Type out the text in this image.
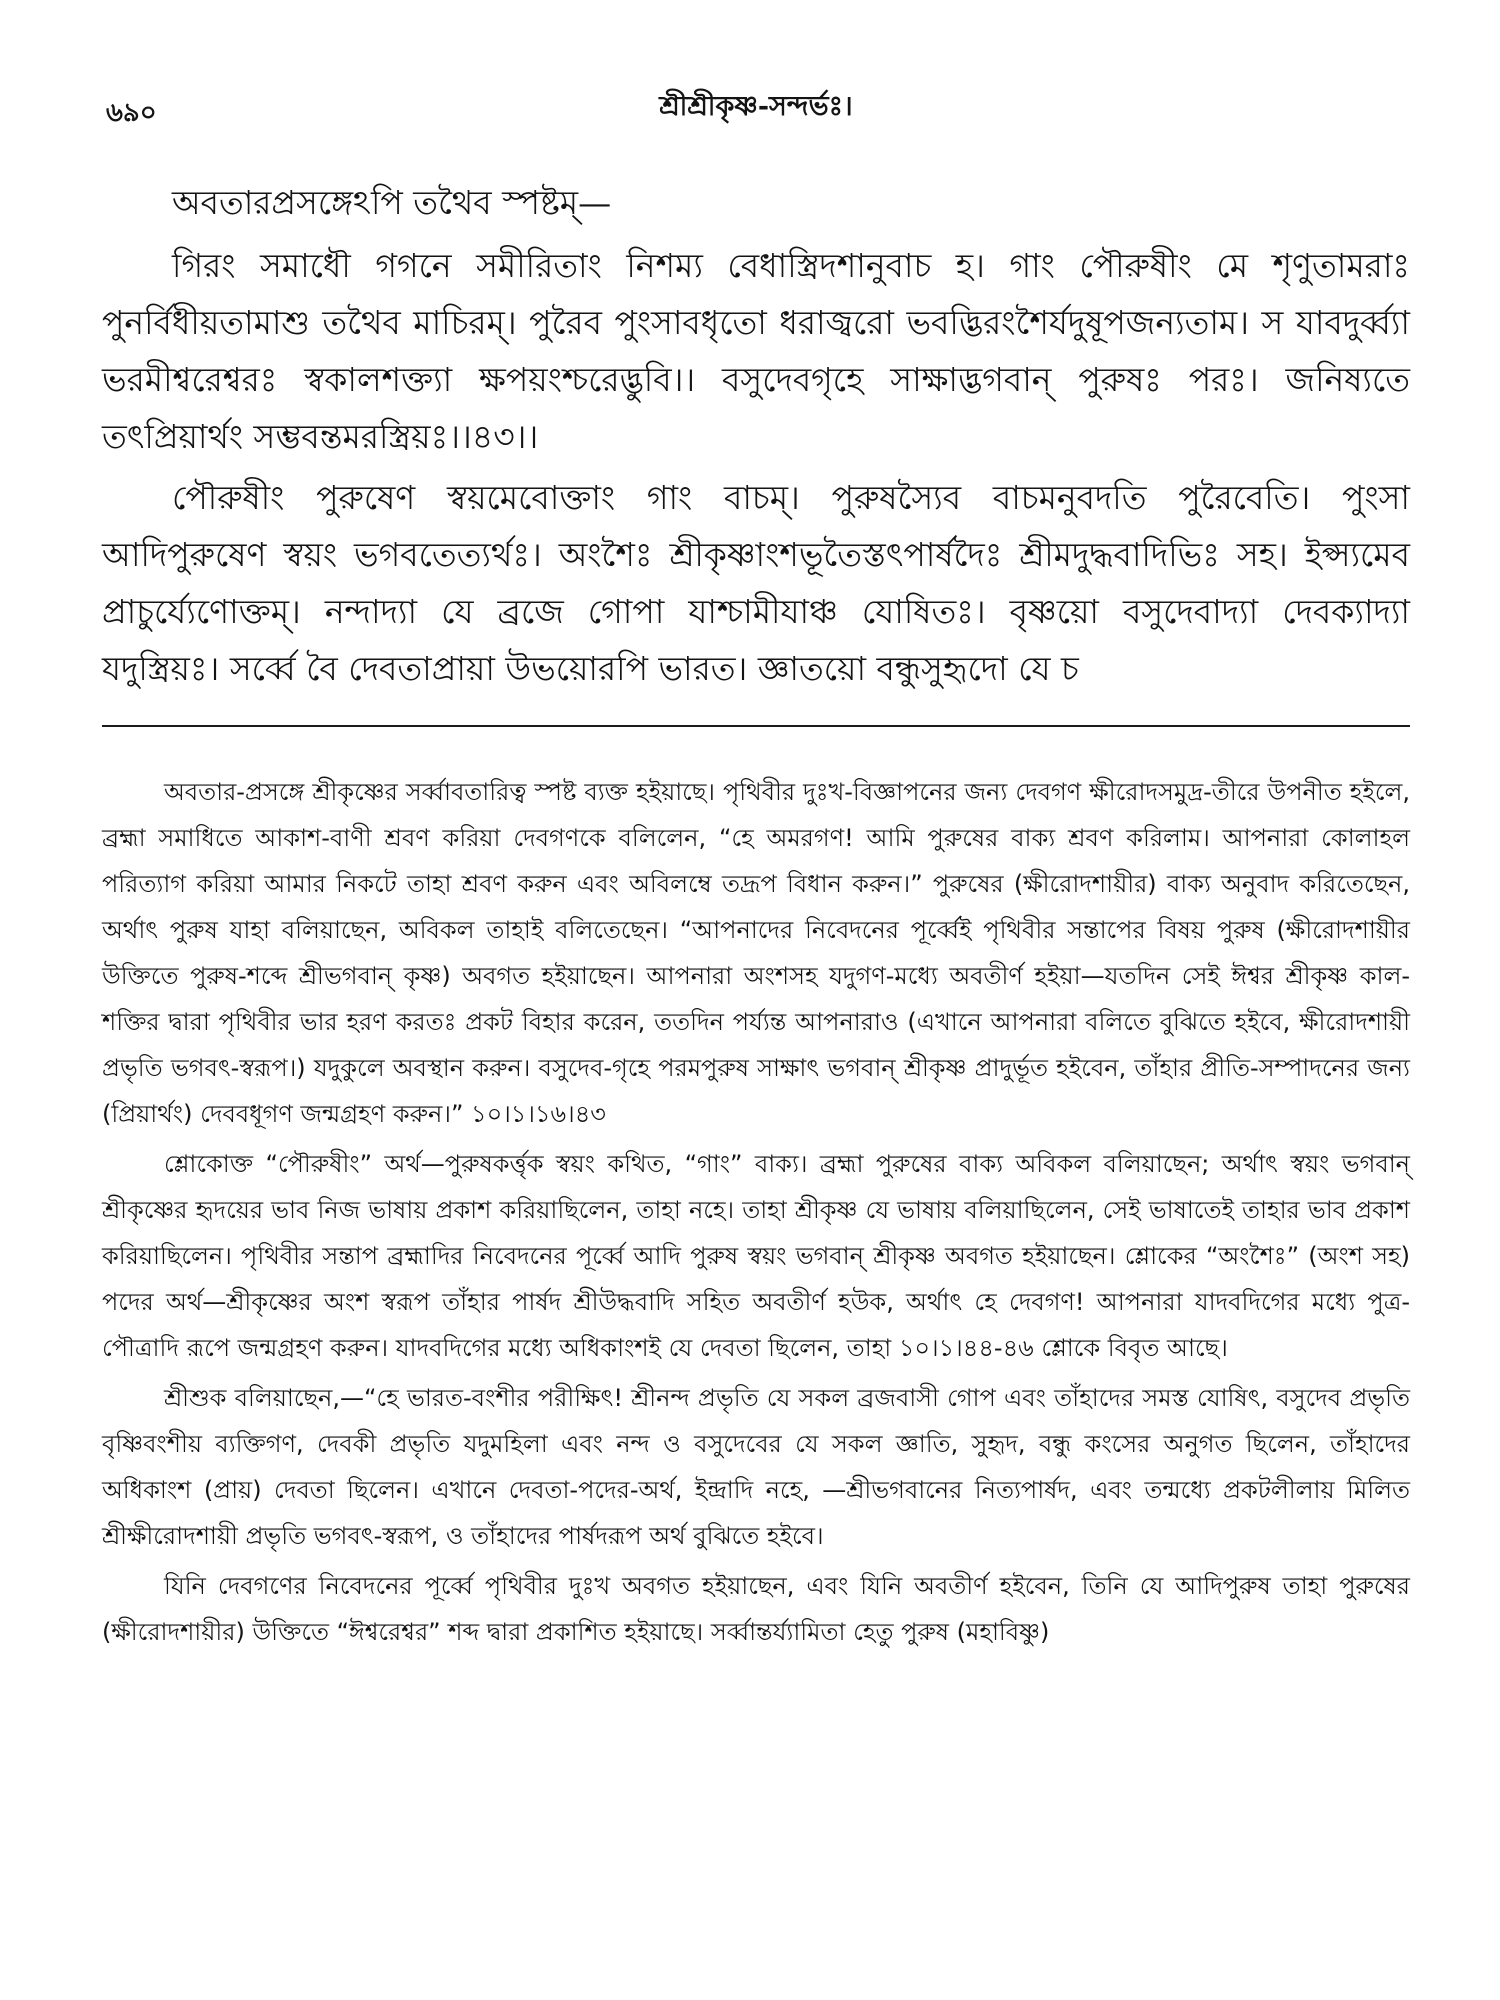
৬৯০	শ্রীশ্রীকৃষ্ণ-সন্দর্ভঃ।

অবতারপ্রসঙ্গেঽপি তথৈব স্পষ্টম্—

গিরং সমাধৌ গগনে সমীরিতাং নিশম্য বেধাস্ত্রিদশানুবাচ হ। গাং পৌরুষীং মে শৃণুতামরাঃ পুনর্বিধীয়তামাশু তথৈব মাচিরম্। পুরৈব পুংসাবধৃতো ধরাজ্বরো ভবদ্ভিরংশৈর্যদুষূপজন্যতাম। স যাবদুর্ব্ব্যা ভরমীশ্বরেশ্বরঃ স্বকালশক্ত্যা ক্ষপয়ংশ্চরেদ্ভুবি।। বসুদেবগৃহে সাক্ষাদ্ভগবান্ পুরুষঃ পরঃ। জনিষ্যতে তৎপ্রিয়ার্থং সম্ভবন্তমরস্ত্রিয়ঃ।।৪৩।।

পৌরুষীং পুরুষেণ স্বয়মেবোক্তাং গাং বাচম্। পুরুষস্যৈব বাচমনুবদতি পুরৈবেতি। পুংসা আদিপুরুষেণ স্বয়ং ভগবতেত্যর্থঃ। অংশৈঃ শ্রীকৃষ্ণাংশভূতৈস্তৎপার্ষদৈঃ শ্রীমদুদ্ধবাদিভিঃ সহ। ইপ্স্যমেব প্রাচুর্য্যেণোক্তম্। নন্দাদ্যা যে ব্রজে গোপা যাশ্চামীযাঞ্চ যোষিতঃ। বৃষ্ণয়ো বসুদেবাদ্যা দেবক্যাদ্যা যদুস্ত্রিয়ঃ। সর্ব্বে বৈ দেবতাপ্রায়া উভয়োরপি ভারত। জ্ঞাতয়ো বন্ধুসুহৃদো যে চ

অবতার-প্রসঙ্গে শ্রীকৃষ্ণের সর্ব্বাবতারিত্ব স্পষ্ট ব্যক্ত হইয়াছে। পৃথিবীর দুঃখ-বিজ্ঞাপনের জন্য দেবগণ ক্ষীরোদসমুদ্র-তীরে উপনীত হইলে, ব্রহ্মা সমাধিতে আকাশ-বাণী শ্রবণ করিয়া দেবগণকে বলিলেন, “হে অমরগণ! আমি পুরুষের বাক্য শ্রবণ করিলাম। আপনারা কোলাহল পরিত্যাগ করিয়া আমার নিকটে তাহা শ্রবণ করুন এবং অবিলম্বে তদ্রূপ বিধান করুন।” পুরুষের (ক্ষীরোদশায়ীর) বাক্য অনুবাদ করিতেছেন, অর্থাৎ পুরুষ যাহা বলিয়াছেন, অবিকল তাহাই বলিতেছেন। “আপনাদের নিবেদনের পূর্ব্বেই পৃথিবীর সন্তাপের বিষয় পুরুষ (ক্ষীরোদশায়ীর উক্তিতে পুরুষ-শব্দে শ্রীভগবান্ কৃষ্ণ) অবগত হইয়াছেন। আপনারা অংশসহ যদুগণ-মধ্যে অবতীর্ণ হইয়া—যতদিন সেই ঈশ্বর শ্রীকৃষ্ণ কাল-শক্তির দ্বারা পৃথিবীর ভার হরণ করতঃ প্রকট বিহার করেন, ততদিন পর্য্যন্ত আপনারাও (এখানে আপনারা বলিতে বুঝিতে হইবে, ক্ষীরোদশায়ী প্রভৃতি ভগবৎ-স্বরূপ।) যদুকুলে অবস্থান করুন। বসুদেব-গৃহে পরমপুরুষ সাক্ষাৎ ভগবান্ শ্রীকৃষ্ণ প্রাদুর্ভূত হইবেন, তাঁহার প্রীতি-সম্পাদনের জন্য (প্রিয়ার্থং) দেববধূগণ জন্মগ্রহণ করুন।” ১০।১।১৬।৪৩

শ্লোকোক্ত “পৌরুষীং” অর্থ—পুরুষকর্ত্তৃক স্বয়ং কথিত, “গাং” বাক্য। ব্রহ্মা পুরুষের বাক্য অবিকল বলিয়াছেন; অর্থাৎ স্বয়ং ভগবান্ শ্রীকৃষ্ণের হৃদয়ের ভাব নিজ ভাষায় প্রকাশ করিয়াছিলেন, তাহা নহে। তাহা শ্রীকৃষ্ণ যে ভাষায় বলিয়াছিলেন, সেই ভাষাতেই তাহার ভাব প্রকাশ করিয়াছিলেন। পৃথিবীর সন্তাপ ব্রহ্মাদির নিবেদনের পূর্ব্বে আদি পুরুষ স্বয়ং ভগবান্ শ্রীকৃষ্ণ অবগত হইয়াছেন। শ্লোকের “অংশৈঃ” (অংশ সহ) পদের অর্থ—শ্রীকৃষ্ণের অংশ স্বরূপ তাঁহার পার্ষদ শ্রীউদ্ধবাদি সহিত অবতীর্ণ হউক, অর্থাৎ হে দেবগণ! আপনারা যাদবদিগের মধ্যে পুত্র-পৌত্রাদি রূপে জন্মগ্রহণ করুন। যাদবদিগের মধ্যে অধিকাংশই যে দেবতা ছিলেন, তাহা ১০।১।৪৪-৪৬ শ্লোকে বিবৃত আছে।

শ্রীশুক বলিয়াছেন,—“হে ভারত-বংশীর পরীক্ষিৎ! শ্রীনন্দ প্রভৃতি যে সকল ব্রজবাসী গোপ এবং তাঁহাদের সমস্ত যোষিৎ, বসুদেব প্রভৃতি বৃষ্ণিবংশীয় ব্যক্তিগণ, দেবকী প্রভৃতি যদুমহিলা এবং নন্দ ও বসুদেবের যে সকল জ্ঞাতি, সুহৃদ, বন্ধু কংসের অনুগত ছিলেন, তাঁহাদের অধিকাংশ (প্রায়) দেবতা ছিলেন। এখানে দেবতা-পদের-অর্থ, ইন্দ্রাদি নহে, —শ্রীভগবানের নিত্যপার্ষদ, এবং তন্মধ্যে প্রকটলীলায় মিলিত শ্রীক্ষীরোদশায়ী প্রভৃতি ভগবৎ-স্বরূপ, ও তাঁহাদের পার্ষদরূপ অর্থ বুঝিতে হইবে।

যিনি দেবগণের নিবেদনের পূর্ব্বে পৃথিবীর দুঃখ অবগত হইয়াছেন, এবং যিনি অবতীর্ণ হইবেন, তিনি যে আদিপুরুষ তাহা পুরুষের (ক্ষীরোদশায়ীর) উক্তিতে “ঈশ্বরেশ্বর” শব্দ দ্বারা প্রকাশিত হইয়াছে। সর্ব্বান্তর্য্যামিতা হেতু পুরুষ (মহাবিষ্ণু)
